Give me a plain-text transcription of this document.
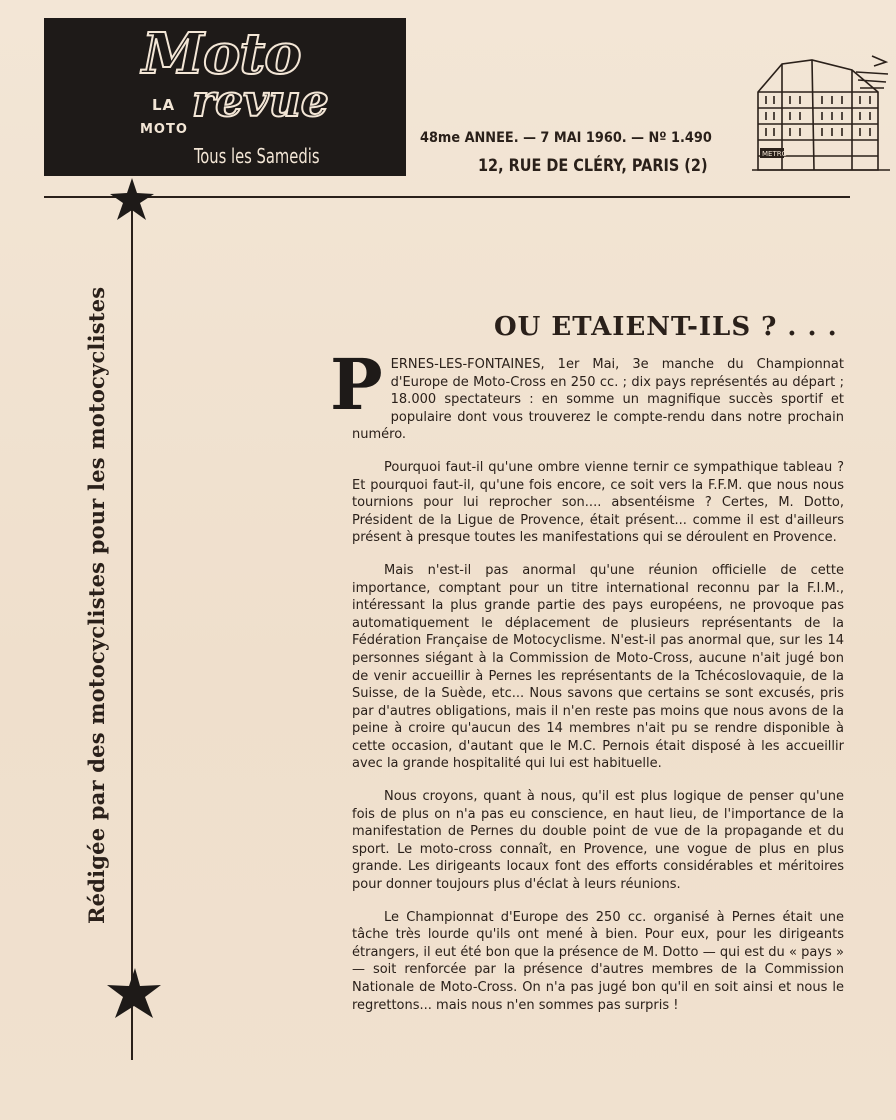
Moto
LA
MOTO
revue
Tous les Samedis
48me ANNEE. — 7 MAI 1960. — Nº 1.490
12, RUE DE CLÉRY, PARIS (2)
METRO
Rédigée par des motocyclistes pour les motocyclistes	OU ETAIENT-ILS ? . . .

PERNES-LES-FONTAINES, 1er Mai, 3e manche du Championnat d'Europe de Moto-Cross en 250 cc. ; dix pays représentés au départ ; 18.000 spectateurs : en somme un magnifique succès sportif et populaire dont vous trouverez le compte-rendu dans notre prochain numéro.

Pourquoi faut-il qu'une ombre vienne ternir ce sympathique tableau ? Et pourquoi faut-il, qu'une fois encore, ce soit vers la F.F.M. que nous nous tournions pour lui reprocher son.... absentéisme ? Certes, M. Dotto, Président de la Ligue de Provence, était présent... comme il est d'ailleurs présent à presque toutes les manifestations qui se déroulent en Provence.

Mais n'est-il pas anormal qu'une réunion officielle de cette importance, comptant pour un titre international reconnu par la F.I.M., intéressant la plus grande partie des pays européens, ne provoque pas automatiquement le déplacement de plusieurs représentants de la Fédération Française de Motocyclisme. N'est-il pas anormal que, sur les 14 personnes siégant à la Commission de Moto-Cross, aucune n'ait jugé bon de venir accueillir à Pernes les représentants de la Tchécoslovaquie, de la Suisse, de la Suède, etc... Nous savons que certains se sont excusés, pris par d'autres obligations, mais il n'en reste pas moins que nous avons de la peine à croire qu'aucun des 14 membres n'ait pu se rendre disponible à cette occasion, d'autant que le M.C. Pernois était disposé à les accueillir avec la grande hospitalité qui lui est habituelle.

Nous croyons, quant à nous, qu'il est plus logique de penser qu'une fois de plus on n'a pas eu conscience, en haut lieu, de l'importance de la manifestation de Pernes du double point de vue de la propagande et du sport. Le moto-cross connaît, en Provence, une vogue de plus en plus grande. Les dirigeants locaux font des efforts considérables et méritoires pour donner toujours plus d'éclat à leurs réunions.

Le Championnat d'Europe des 250 cc. organisé à Pernes était une tâche très lourde qu'ils ont mené à bien. Pour eux, pour les dirigeants étrangers, il eut été bon que la présence de M. Dotto — qui est du « pays » — soit renforcée par la présence d'autres membres de la Commission Nationale de Moto-Cross. On n'a pas jugé bon qu'il en soit ainsi et nous le regrettons... mais nous n'en sommes pas surpris !
